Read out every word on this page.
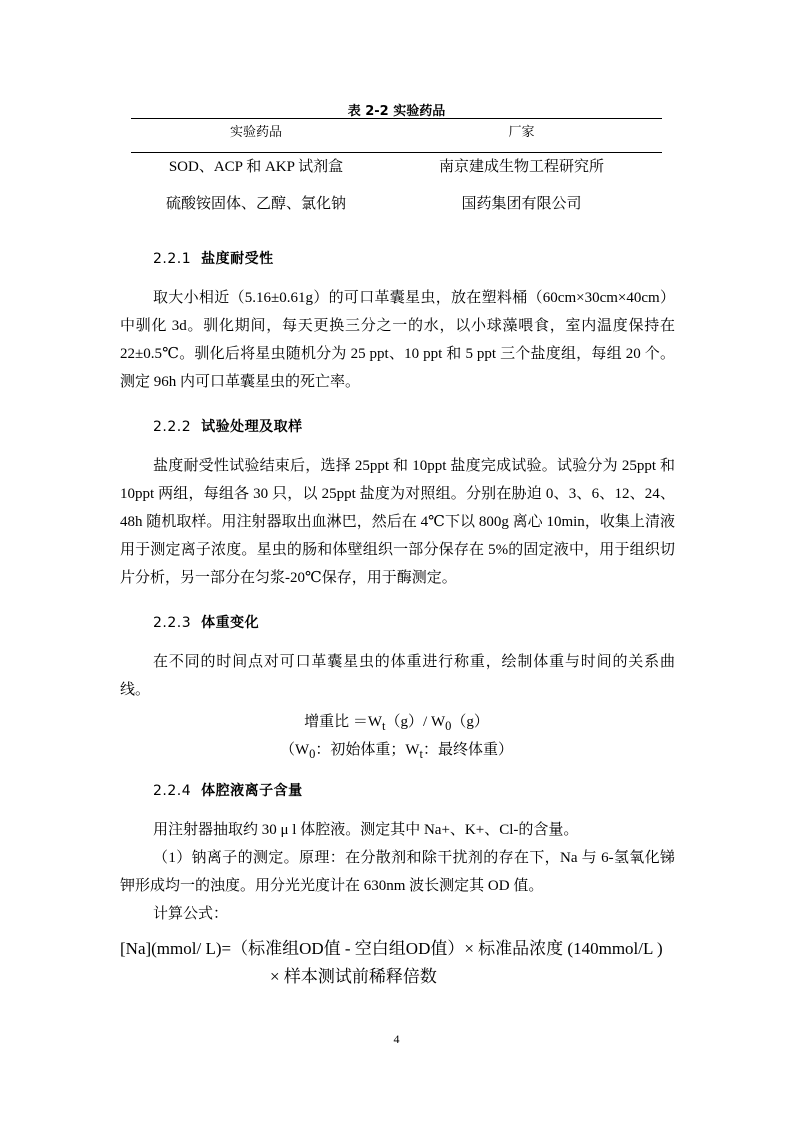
表 2-2 实验药品
实验药品	厂家
SOD、ACP 和 AKP 试剂盒	南京建成生物工程研究所
硫酸铵固体、乙醇、氯化钠	国药集团有限公司
2.2.1 盐度耐受性

取大小相近（5.16±0.61g）的可口革囊星虫，放在塑料桶（60cm×30cm×40cm）中驯化 3d。驯化期间，每天更换三分之一的水，以小球藻喂食，室内温度保持在 22±0.5℃。驯化后将星虫随机分为 25 ppt、10 ppt 和 5 ppt 三个盐度组，每组 20 个。测定 96h 内可口革囊星虫的死亡率。

2.2.2 试验处理及取样

盐度耐受性试验结束后，选择 25ppt 和 10ppt 盐度完成试验。试验分为 25ppt 和 10ppt 两组，每组各 30 只，以 25ppt 盐度为对照组。分别在胁迫 0、3、6、12、24、48h 随机取样。用注射器取出血淋巴，然后在 4℃下以 800g 离心 10min，收集上清液用于测定离子浓度。星虫的肠和体壁组织一部分保存在 5%的固定液中，用于组织切片分析，另一部分在匀浆-20℃保存，用于酶测定。

2.2.3 体重变化

在不同的时间点对可口革囊星虫的体重进行称重，绘制体重与时间的关系曲线。

增重比 $=W_t(g)/$ $W_0(g)$
（$W_0$：初始体重；$W_t$：最终体重）
2.2.4 体腔液离子含量

用注射器抽取约 30 μ l 体腔液。测定其中 Na+、K+、Cl-的含量。

（1）钠离子的测定。原理：在分散剂和除干扰剂的存在下，Na 与 6-氢氧化锑钾形成均一的浊度。用分光光度计在 630nm 波长测定其 OD 值。

计算公式：

[Na](mmol/ L)=（标准组OD值 - 空白组OD值）× 标准品浓度 (140mmol/L )
× 样本测试前稀释倍数
4
